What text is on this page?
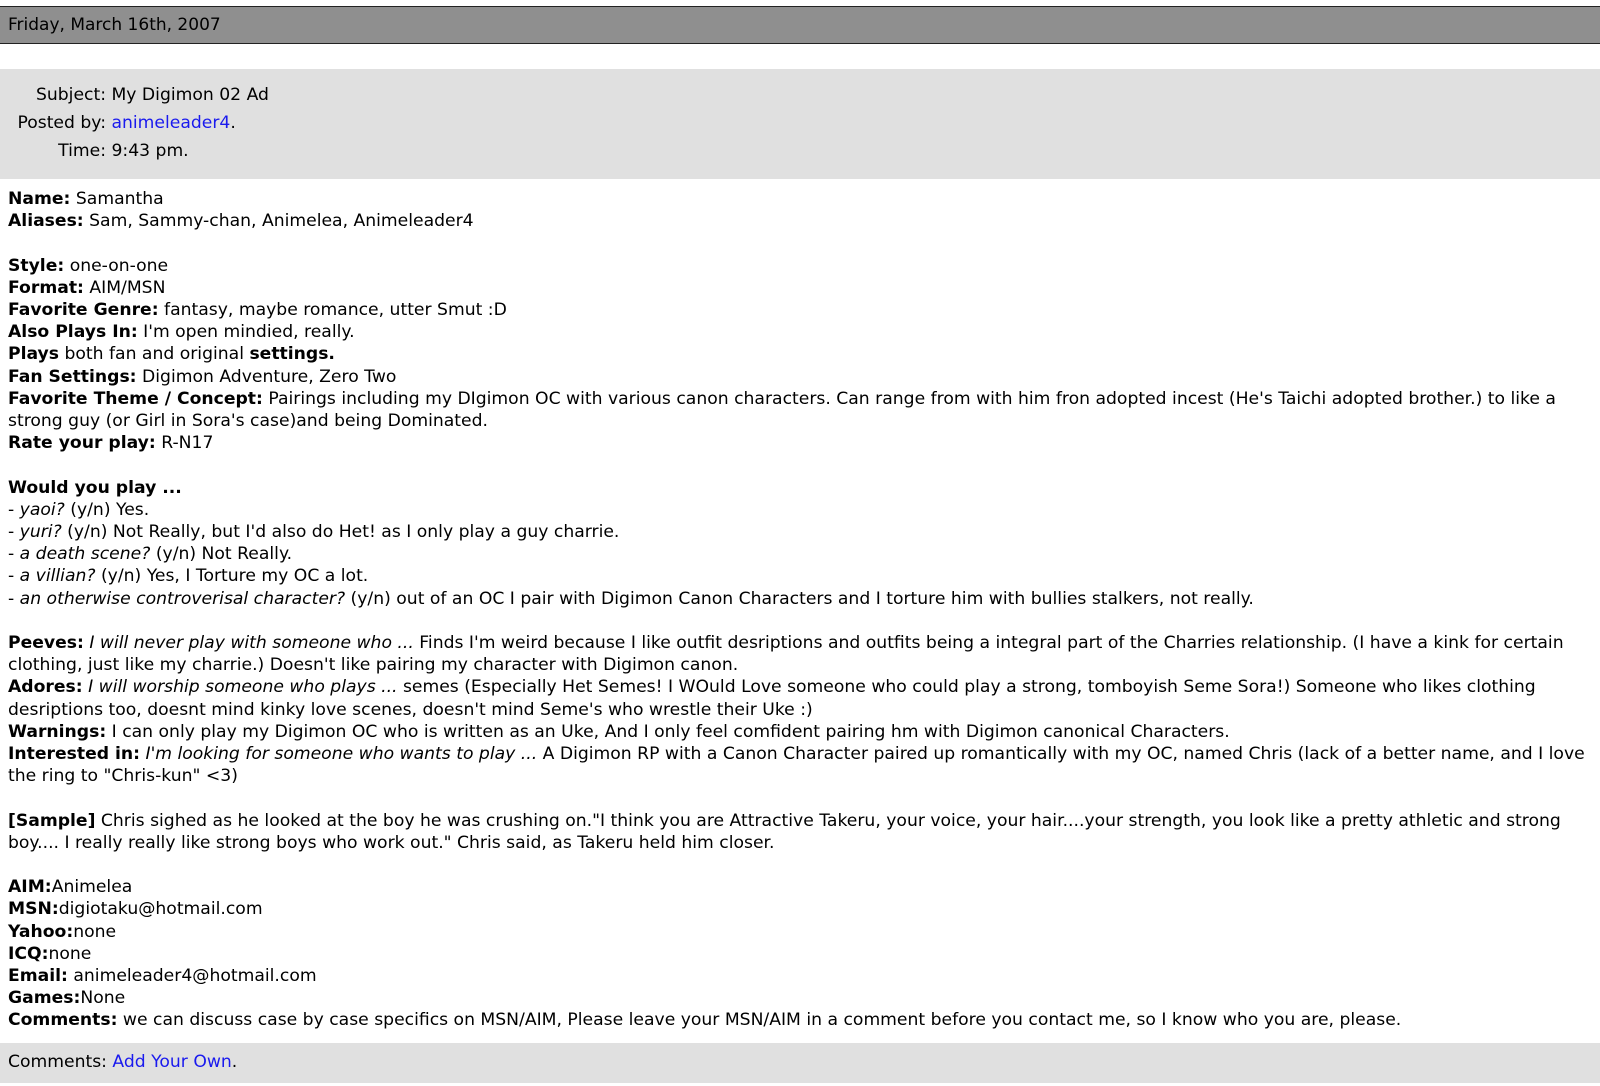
Friday, March 16th, 2007
Subject: My Digimon 02 Ad
Posted by: animeleader4.
Time: 9:43 pm.
Name: Samantha
Aliases: Sam, Sammy-chan, Animelea, Animeleader4
Style: one-on-one
Format: AIM/MSN
Favorite Genre: fantasy, maybe romance, utter Smut :D
Also Plays In: I'm open mindied, really.
Plays both fan and original settings.
Fan Settings: Digimon Adventure, Zero Two
Favorite Theme / Concept: Pairings including my DIgimon OC with various canon characters. Can range from with him fron adopted incest (He's Taichi adopted brother.) to like a strong guy (or Girl in Sora's case)and being Dominated.
Rate your play: R-N17
Would you play ...
- yaoi? (y/n) Yes.
- yuri? (y/n) Not Really, but I'd also do Het! as I only play a guy charrie.
- a death scene? (y/n) Not Really.
- a villian? (y/n) Yes, I Torture my OC a lot.
- an otherwise controverisal character? (y/n) out of an OC I pair with Digimon Canon Characters and I torture him with bullies stalkers, not really.
Peeves: I will never play with someone who ... Finds I'm weird because I like outfit desriptions and outfits being a integral part of the Charries relationship. (I have a kink for certain clothing, just like my charrie.) Doesn't like pairing my character with Digimon canon.
Adores: I will worship someone who plays ... semes (Especially Het Semes! I WOuld Love someone who could play a strong, tomboyish Seme Sora!) Someone who likes clothing desriptions too, doesnt mind kinky love scenes, doesn't mind Seme's who wrestle their Uke :)
Warnings: I can only play my Digimon OC who is written as an Uke, And I only feel comfident pairing hm with Digimon canonical Characters.
Interested in: I'm looking for someone who wants to play ... A Digimon RP with a Canon Character paired up romantically with my OC, named Chris (lack of a better name, and I love the ring to "Chris-kun" <3)
[Sample] Chris sighed as he looked at the boy he was crushing on."I think you are Attractive Takeru, your voice, your hair....your strength, you look like a pretty athletic and strong boy.... I really really like strong boys who work out." Chris said, as Takeru held him closer.
AIM:Animelea
MSN:digiotaku@hotmail.com
Yahoo:none
ICQ:none
Email: animeleader4@hotmail.com
Games:None
Comments: we can discuss case by case specifics on MSN/AIM, Please leave your MSN/AIM in a comment before you contact me, so I know who you are, please.
Comments: Add Your Own.
